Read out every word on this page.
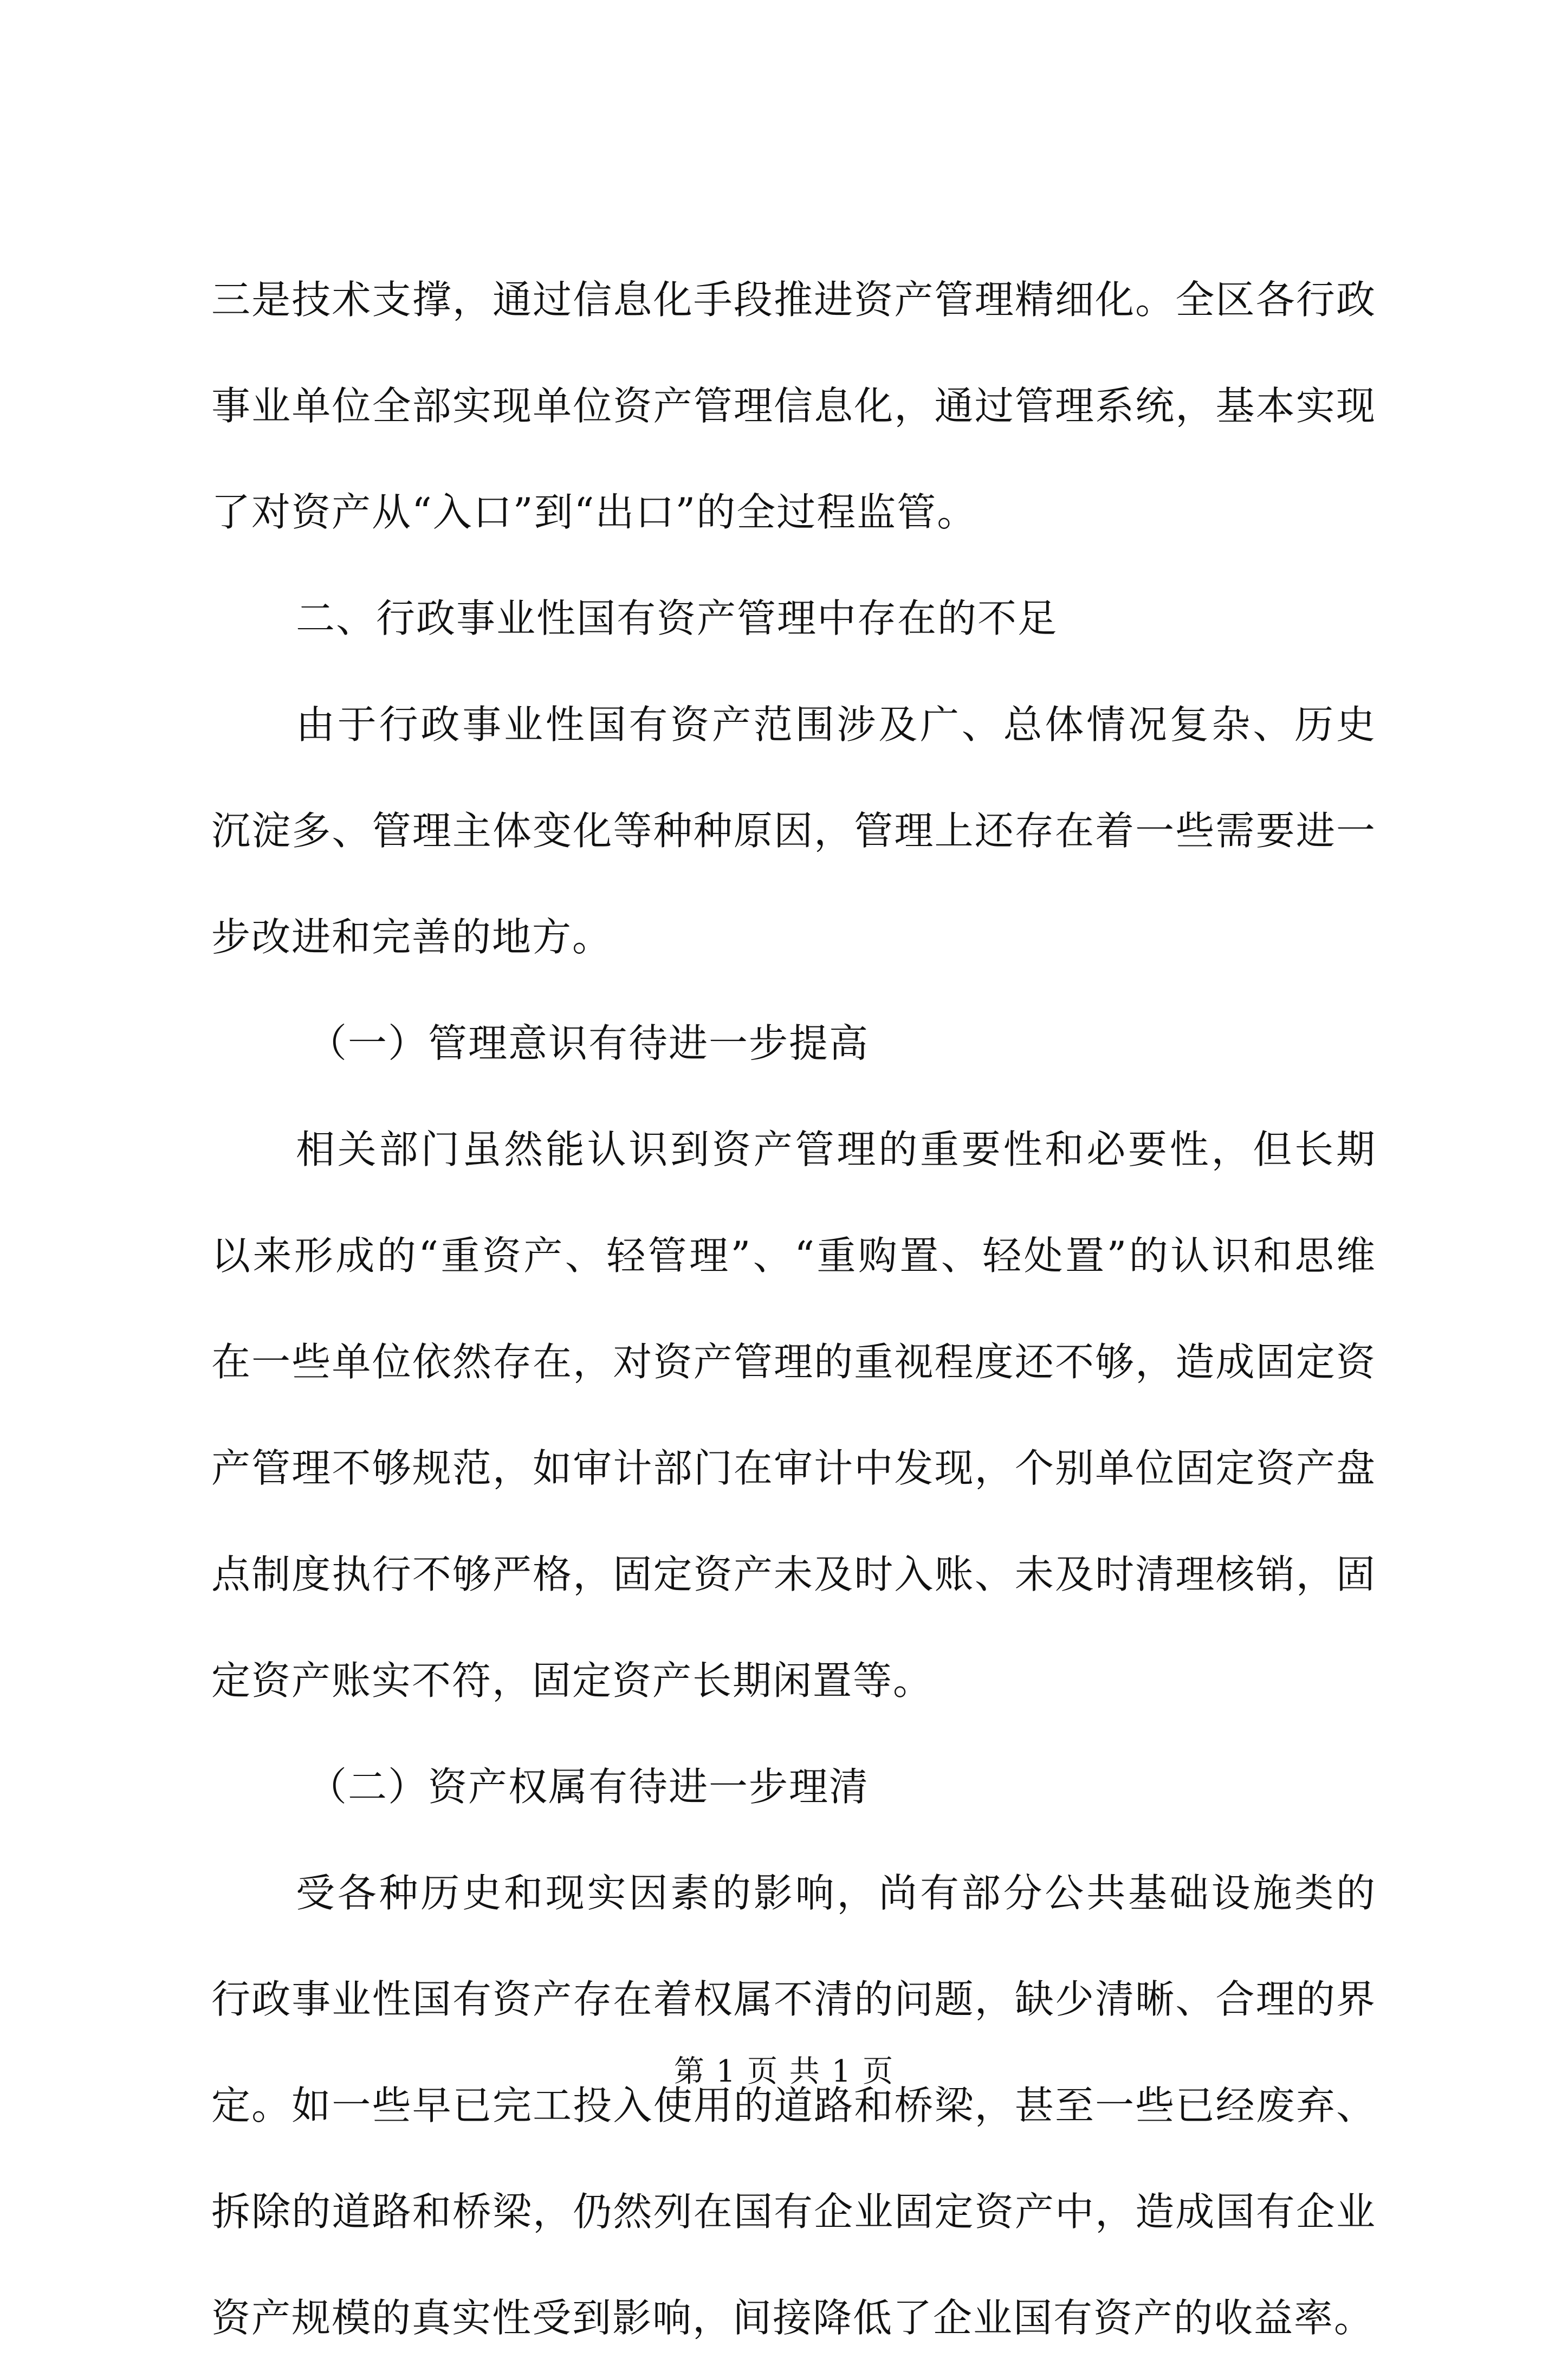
三是技术支撑，通过信息化手段推进资产管理精细化。全区各行政事业单位全部实现单位资产管理信息化，通过管理系统，基本实现了对资产从“入口”到“出口”的全过程监管。

二、行政事业性国有资产管理中存在的不足

由于行政事业性国有资产范围涉及广、总体情况复杂、历史沉淀多、管理主体变化等种种原因，管理上还存在着一些需要进一步改进和完善的地方。

（一）管理意识有待进一步提高

相关部门虽然能认识到资产管理的重要性和必要性，但长期以来形成的“重资产、轻管理”、“重购置、轻处置”的认识和思维在一些单位依然存在，对资产管理的重视程度还不够，造成固定资产管理不够规范，如审计部门在审计中发现，个别单位固定资产盘点制度执行不够严格，固定资产未及时入账、未及时清理核销，固定资产账实不符，固定资产长期闲置等。

（二）资产权属有待进一步理清

受各种历史和现实因素的影响，尚有部分公共基础设施类的行政事业性国有资产存在着权属不清的问题，缺少清晰、合理的界定。如一些早已完工投入使用的道路和桥梁，甚至一些已经废弃、拆除的道路和桥梁，仍然列在国有企业固定资产中，造成国有企业资产规模的真实性受到影响，间接降低了企业国有资产的收益率。

第 1 页 共 1 页
